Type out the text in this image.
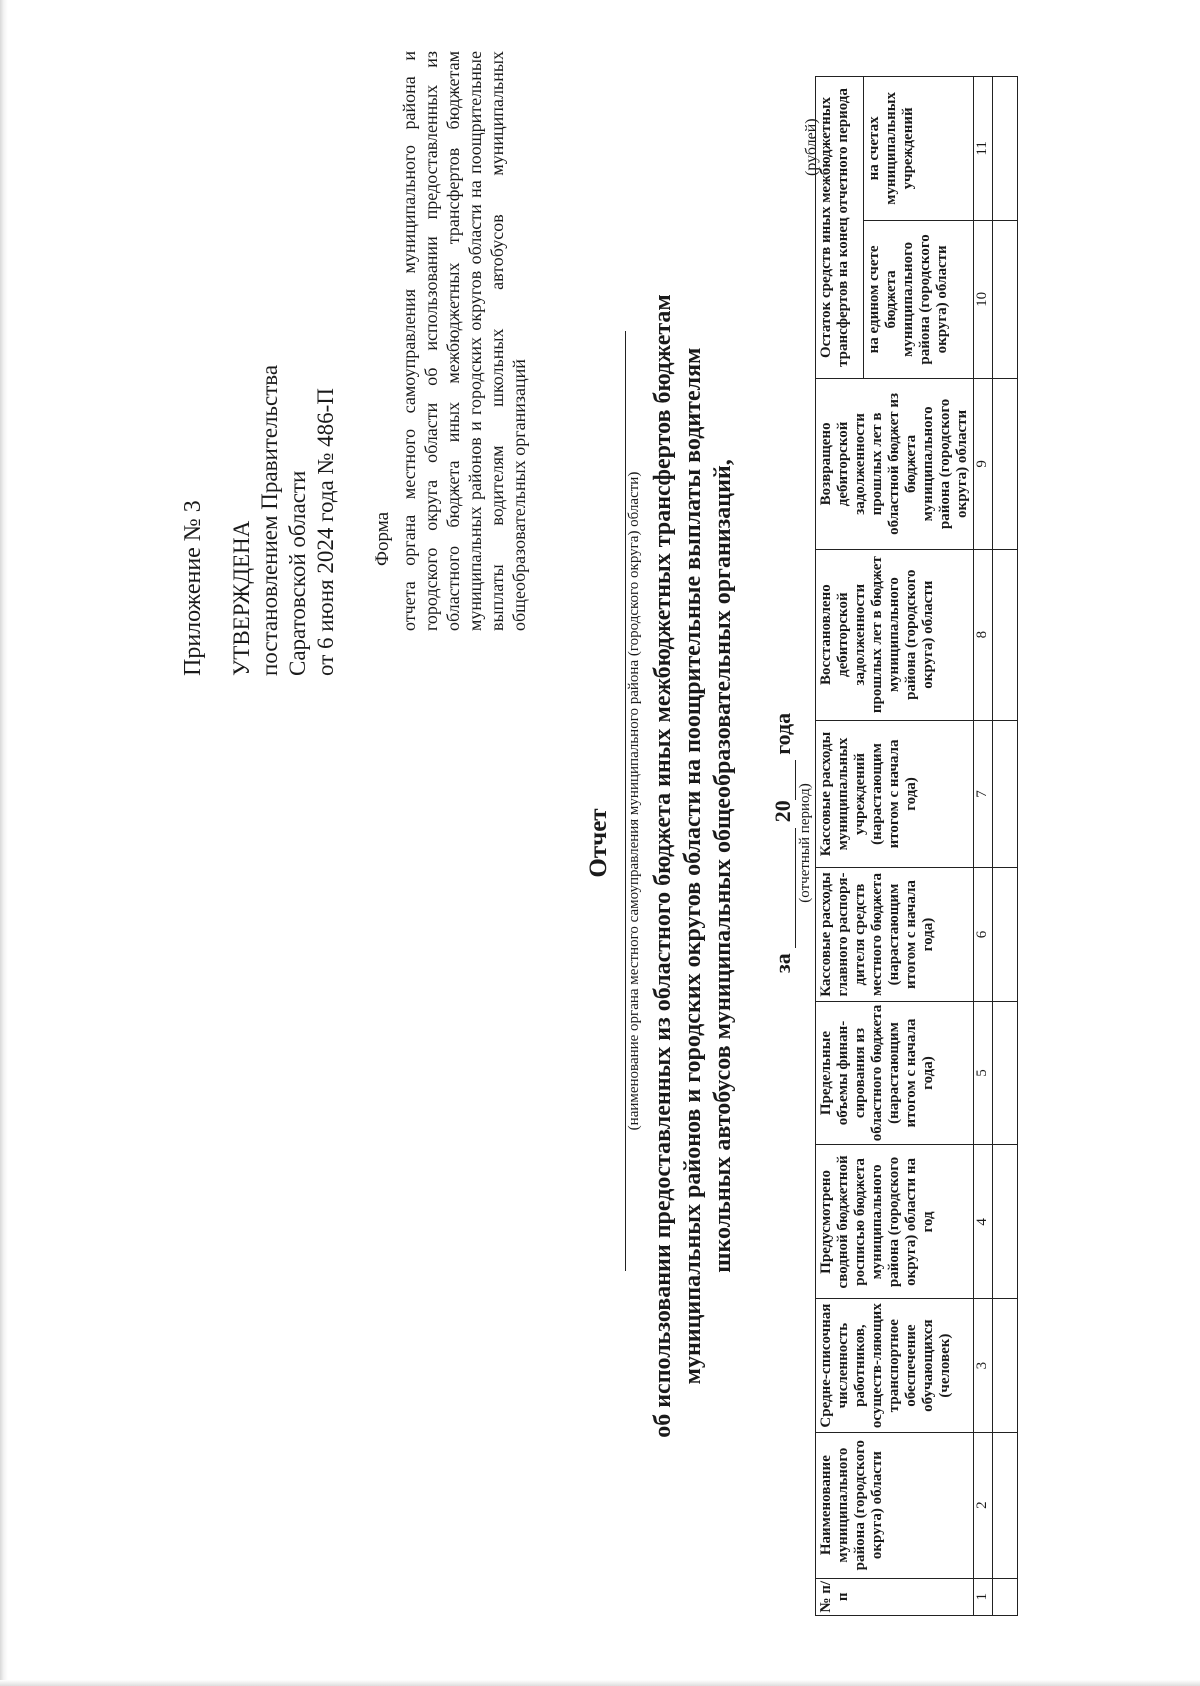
Приложение № 3 УТВЕРЖДЕНА постановлением Правительства Саратовской области от 6 июня 2024 года № 486-П Форма отчета органа местного самоуправления муниципального района и городского округа области об использовании предоставленных из областного бюджета иных межбюджетных трансфертов бюджетам муниципальных районов и городских округов области на поощрительные выплаты водителям школьных автобусов муниципальных общеобразовательных организаций
Отчет (наименование органа местного самоуправления муниципального района (городского округа) области) об использовании предоставленных из областного бюджета иных межбюджетных трансфертов бюджетам муниципальных районов и городских округов области на поощрительные выплаты водителям школьных автобусов муниципальных общеобразовательных организаций, за  20 года
(отчетный период)
(рублей)
№ п/п	Наименование муниципального района (городского округа) области	Средне-списочная численность работников, осуществ-ляющих транспортное обеспечение обучающихся (человек)	Предусмотрено сводной бюджетной росписью бюджета муниципального района (городского округа) области на год	Предельные объемы финан-сирования из областного бюджета (нарастающим итогом с начала года)	Кассовые расходы главного распоря-дителя средств местного бюджета (нарастающим итогом с начала года)	Кассовые расходы муниципальных учреждений (нарастающим итогом с начала года)	Восстановлено дебиторской задолженности прошлых лет в бюджет муниципального района (городского округа) области	Возвращено дебиторской задолженности прошлых лет в областной бюджет из бюджета муниципального района (городского округа) области	Остаток средств иных межбюджетных трансфертов на конец отчетного периода	
									на едином счете бюджета муниципального района (городского округа) области	на счетах муниципальных учреждений
1	2	3	4	5	6	7	8	9	10	11
